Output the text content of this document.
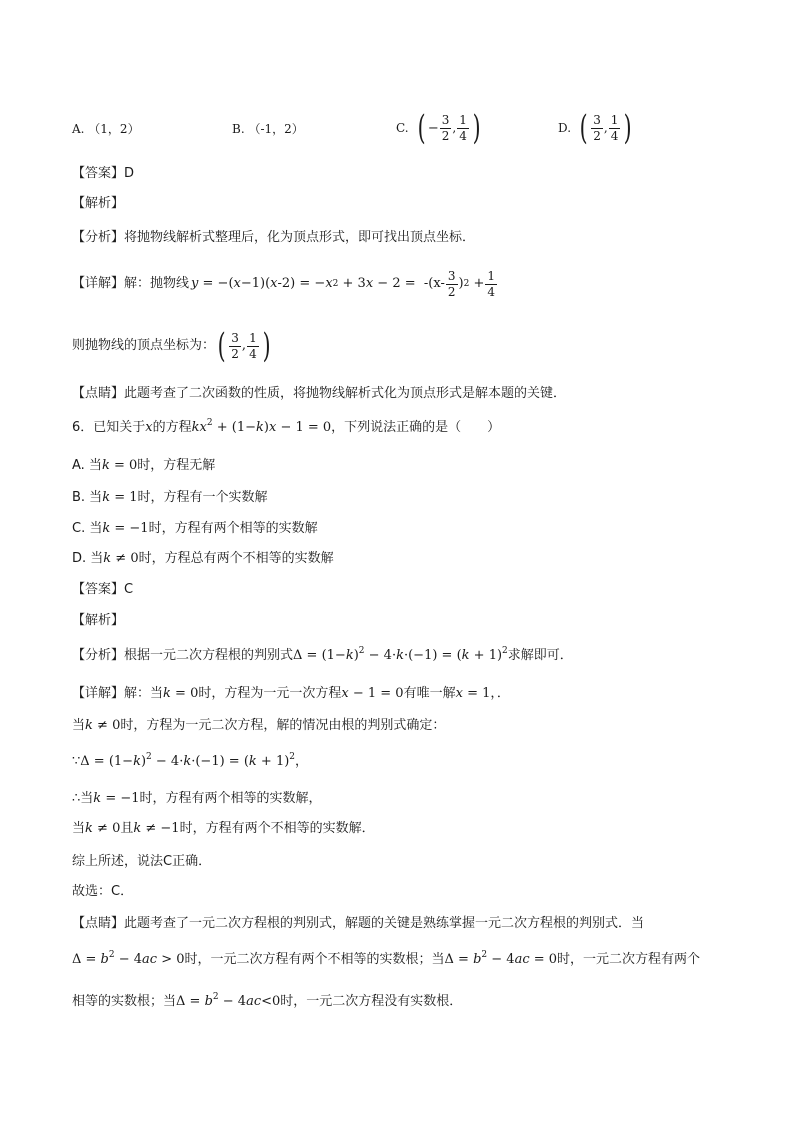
A. （1，2）	B. （-1，2）	C. ( − $\frac{3}{2}$ , $\frac{1}{4}$ )	D. ( $\frac{3}{2}$ , $\frac{1}{4}$ )
【答案】D
【解析】
【分析】将抛物线解析式整理后，化为顶点形式，即可找出顶点坐标．
【详解】 解：抛物线 y = −( x −1)( x -2) = − x 2 + 3 $x - 2 = -(x- \frac{3}{2}$ ) $2 + \frac{1}{4}$
则抛物线的顶点坐标为： ( $\frac{3}{2}$ , $\frac{1}{4}$ )
【点睛】此题考查了二次函数的性质，将抛物线解析式化为顶点形式是解本题的关键．
6．已知关于x的方程$kx^2 + (1-k)x - 1 = 0$，下列说法正确的是（　　）
A. 当k = 0时，方程无解
B. 当k = 1时，方程有一个实数解
C. 当k = −1时，方程有两个相等的实数解
D. 当k ≠ 0时，方程总有两个不相等的实数解
【答案】C
【解析】
【分析】根据一元二次方程根的判别式$\Delta = (1-k)^2 - 4\cdot k\cdot(-1) = (k + 1)^2$求解即可．
【详解】解：当k = 0时，方程为一元一次方程x − 1 = 0有唯一解x = 1，．
当k ≠ 0时，方程为一元二次方程，解的情况由根的判别式确定：
∵Δ = $(1-k)^2 - 4\cdot k\cdot(-1) = (k + 1)^2$，
∴当k = −1时，方程有两个相等的实数解，
当k ≠ 0且k ≠ −1时，方程有两个不相等的实数解．
综上所述，说法C正确．
故选：C．
【点睛】此题考查了一元二次方程根的判别式，解题的关键是熟练掌握一元二次方程根的判别式．当
$\Delta = b^2 - 4ac > 0$时，一元二次方程有两个不相等的实数根；当$\Delta = b^2 - 4ac = 0$时，一元二次方程有两个
相等的实数根；当$\Delta = b^2 - 4ac<0$时，一元二次方程没有实数根．
